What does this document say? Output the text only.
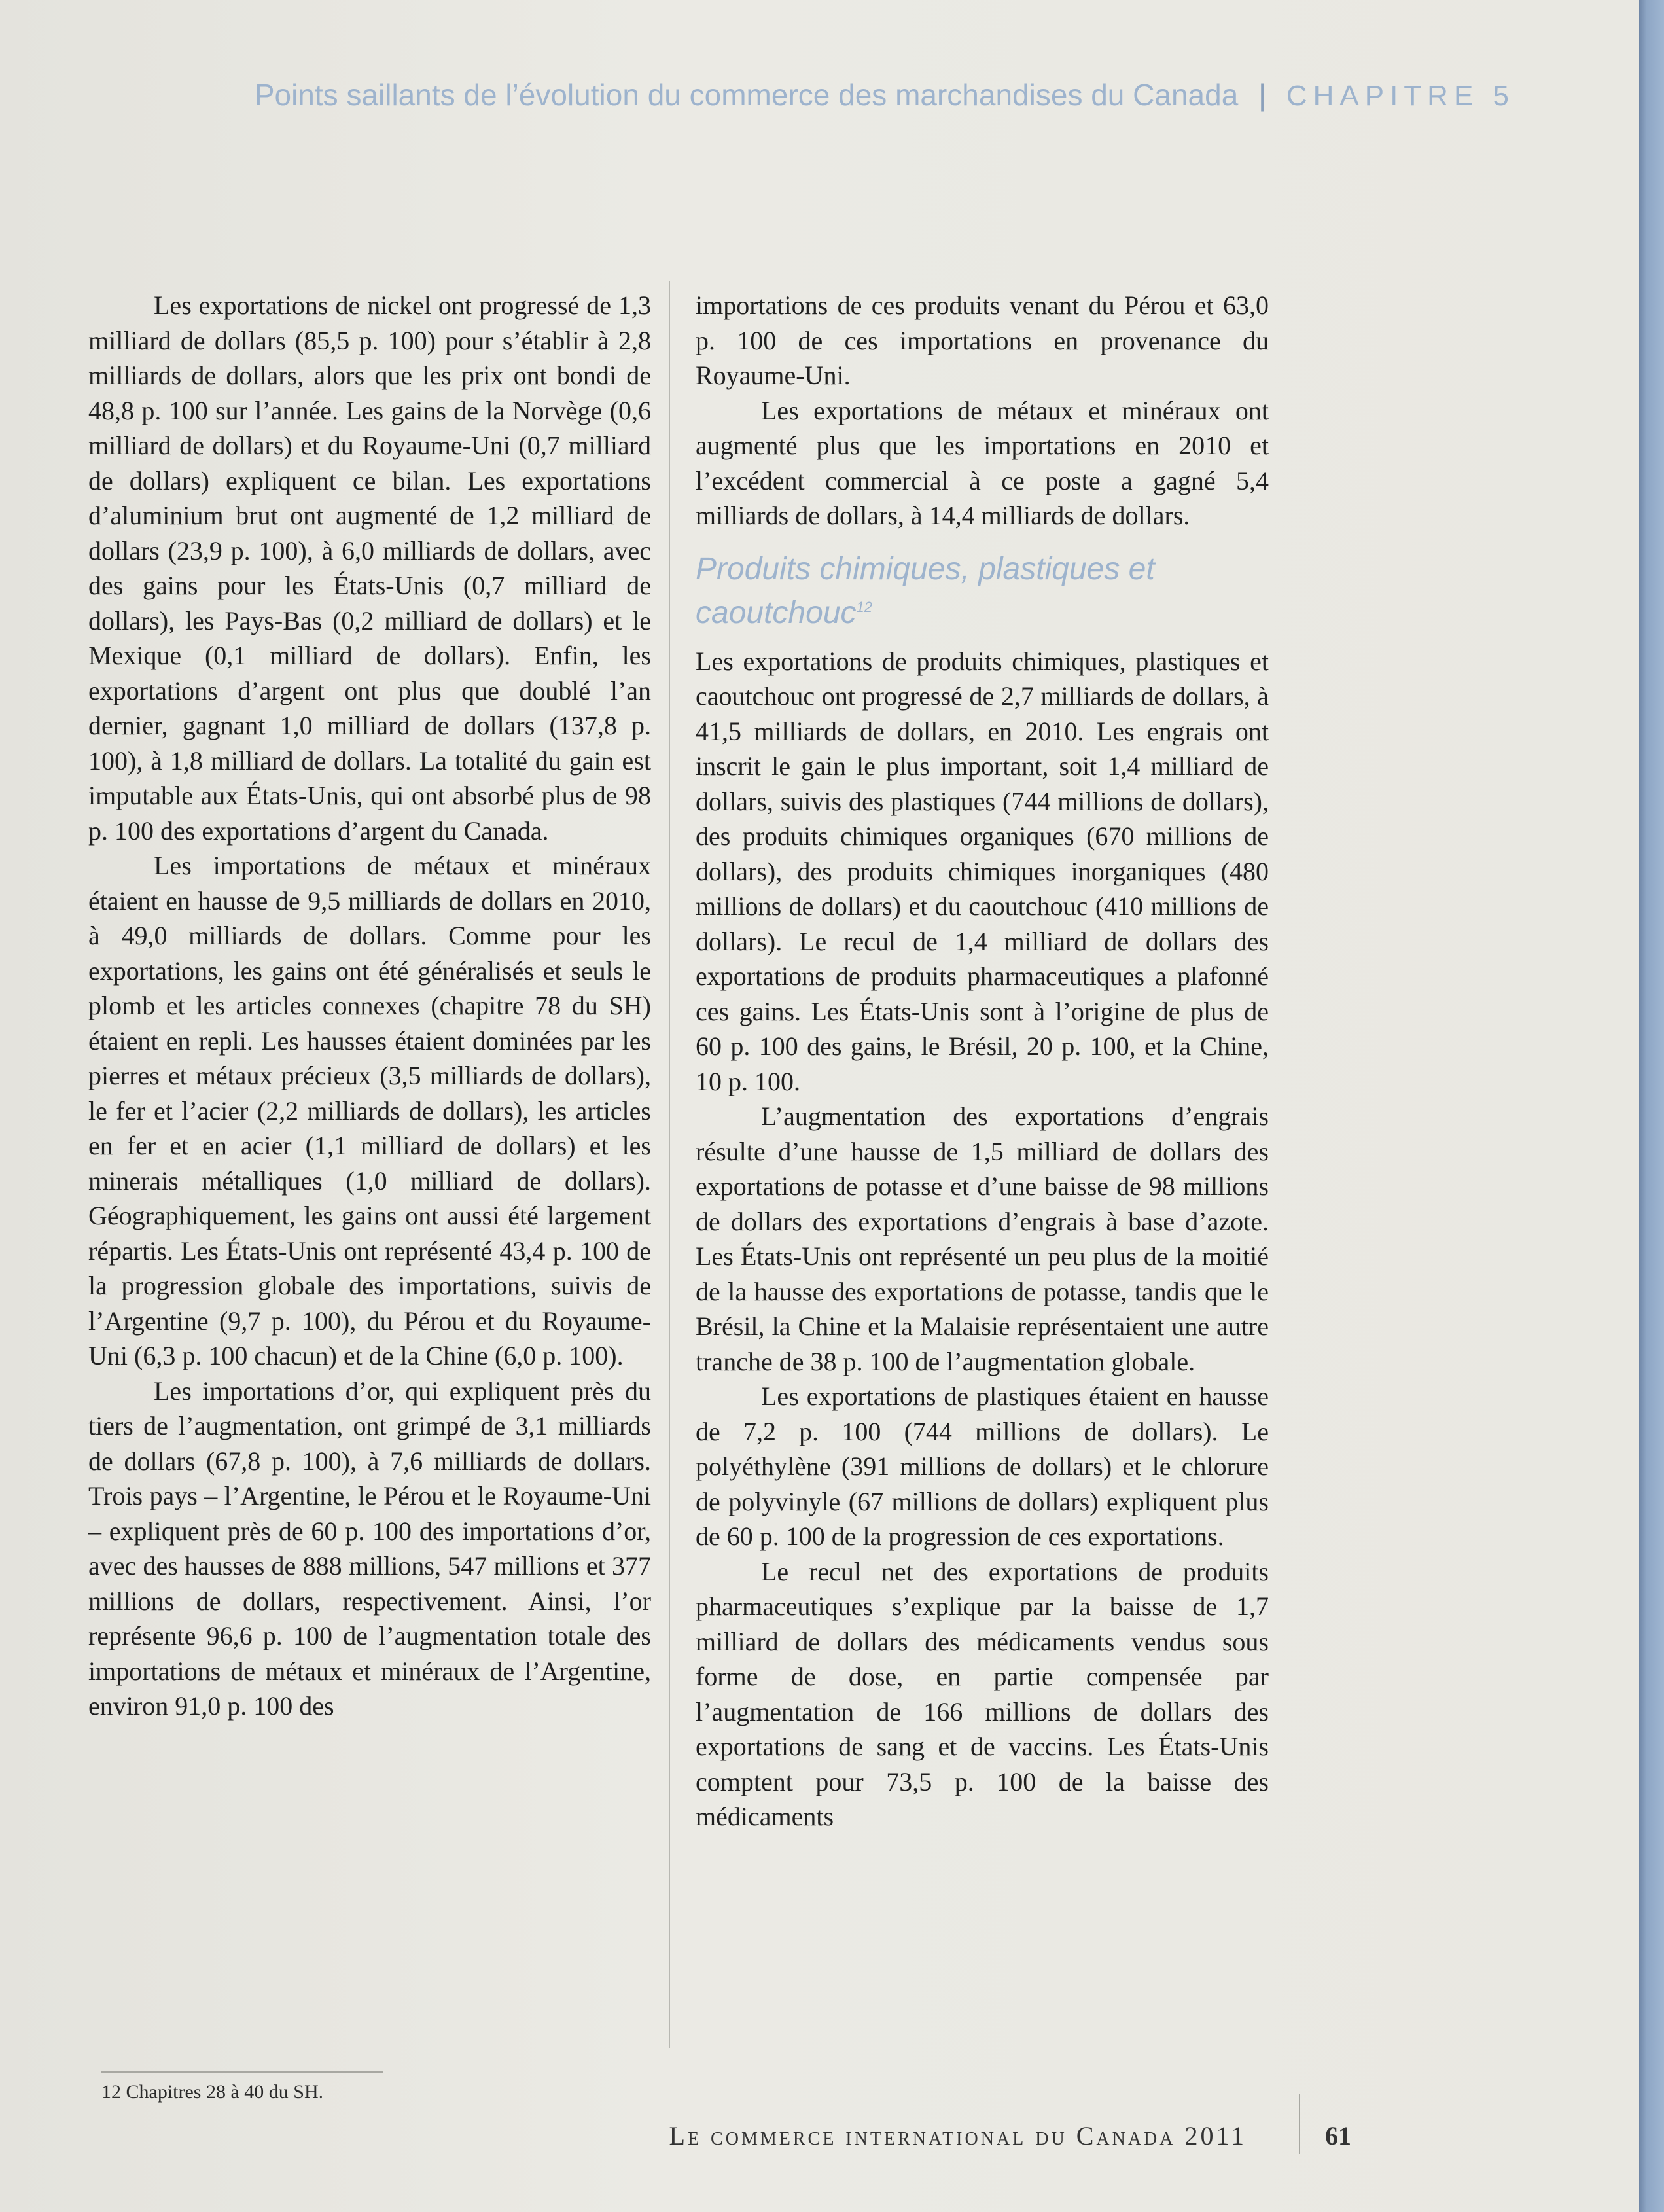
Points saillants de l’évolution du commerce des marchandises du Canada | CHAPITRE 5

Les exportations de nickel ont progressé de 1,3 milliard de dollars (85,5 p. 100) pour s’établir à 2,8 milliards de dollars, alors que les prix ont bondi de 48,8 p. 100 sur l’année. Les gains de la Norvège (0,6 milliard de dollars) et du Royaume-Uni (0,7 milliard de dollars) expliquent ce bilan. Les exportations d’aluminium brut ont augmenté de 1,2 milliard de dollars (23,9 p. 100), à 6,0 milliards de dollars, avec des gains pour les États-Unis (0,7 milliard de dollars), les Pays-Bas (0,2 milliard de dollars) et le Mexique (0,1 milliard de dollars). Enfin, les exportations d’argent ont plus que doublé l’an dernier, gagnant 1,0 milliard de dollars (137,8 p. 100), à 1,8 milliard de dollars. La totalité du gain est imputable aux États-Unis, qui ont absorbé plus de 98 p. 100 des exportations d’argent du Canada.

Les importations de métaux et minéraux étaient en hausse de 9,5 milliards de dollars en 2010, à 49,0 milliards de dollars. Comme pour les exportations, les gains ont été généralisés et seuls le plomb et les articles connexes (chapitre 78 du SH) étaient en repli. Les hausses étaient dominées par les pierres et métaux précieux (3,5 milliards de dollars), le fer et l’acier (2,2 milliards de dollars), les articles en fer et en acier (1,1 milliard de dollars) et les minerais métalliques (1,0 milliard de dollars). Géographiquement, les gains ont aussi été largement répartis. Les États-Unis ont représenté 43,4 p. 100 de la progression globale des importations, suivis de l’Argentine (9,7 p. 100), du Pérou et du Royaume-Uni (6,3 p. 100 chacun) et de la Chine (6,0 p. 100).

Les importations d’or, qui expliquent près du tiers de l’augmentation, ont grimpé de 3,1 milliards de dollars (67,8 p. 100), à 7,6 milliards de dollars. Trois pays – l’Argentine, le Pérou et le Royaume-Uni – expliquent près de 60 p. 100 des importations d’or, avec des hausses de 888 millions, 547 millions et 377 millions de dollars, respectivement. Ainsi, l’or représente 96,6 p. 100 de l’augmentation totale des importations de métaux et minéraux de l’Argentine, environ 91,0 p. 100 des

importations de ces produits venant du Pérou et 63,0 p. 100 de ces importations en provenance du Royaume-Uni.

Les exportations de métaux et minéraux ont augmenté plus que les importations en 2010 et l’excédent commercial à ce poste a gagné 5,4 milliards de dollars, à 14,4 milliards de dollars.

Produits chimiques, plastiques et caoutchouc$^{12}$

Les exportations de produits chimiques, plastiques et caoutchouc ont progressé de 2,7 milliards de dollars, à 41,5 milliards de dollars, en 2010. Les engrais ont inscrit le gain le plus important, soit 1,4 milliard de dollars, suivis des plastiques (744 millions de dollars), des produits chimiques organiques (670 millions de dollars), des produits chimiques inorganiques (480 millions de dollars) et du caoutchouc (410 millions de dollars). Le recul de 1,4 milliard de dollars des exportations de produits pharmaceutiques a plafonné ces gains. Les États-Unis sont à l’origine de plus de 60 p. 100 des gains, le Brésil, 20 p. 100, et la Chine, 10 p. 100.

L’augmentation des exportations d’engrais résulte d’une hausse de 1,5 milliard de dollars des exportations de potasse et d’une baisse de 98 millions de dollars des exportations d’engrais à base d’azote. Les États-Unis ont représenté un peu plus de la moitié de la hausse des exportations de potasse, tandis que le Brésil, la Chine et la Malaisie représentaient une autre tranche de 38 p. 100 de l’augmentation globale.

Les exportations de plastiques étaient en hausse de 7,2 p. 100 (744 millions de dollars). Le polyéthylène (391 millions de dollars) et le chlorure de polyvinyle (67 millions de dollars) expliquent plus de 60 p. 100 de la progression de ces exportations.

Le recul net des exportations de produits pharmaceutiques s’explique par la baisse de 1,7 milliard de dollars des médicaments vendus sous forme de dose, en partie compensée par l’augmentation de 166 millions de dollars des exportations de sang et de vaccins. Les États-Unis comptent pour 73,5 p. 100 de la baisse des médicaments

12 Chapitres 28 à 40 du SH.
Le commerce international du Canada 2011	61
